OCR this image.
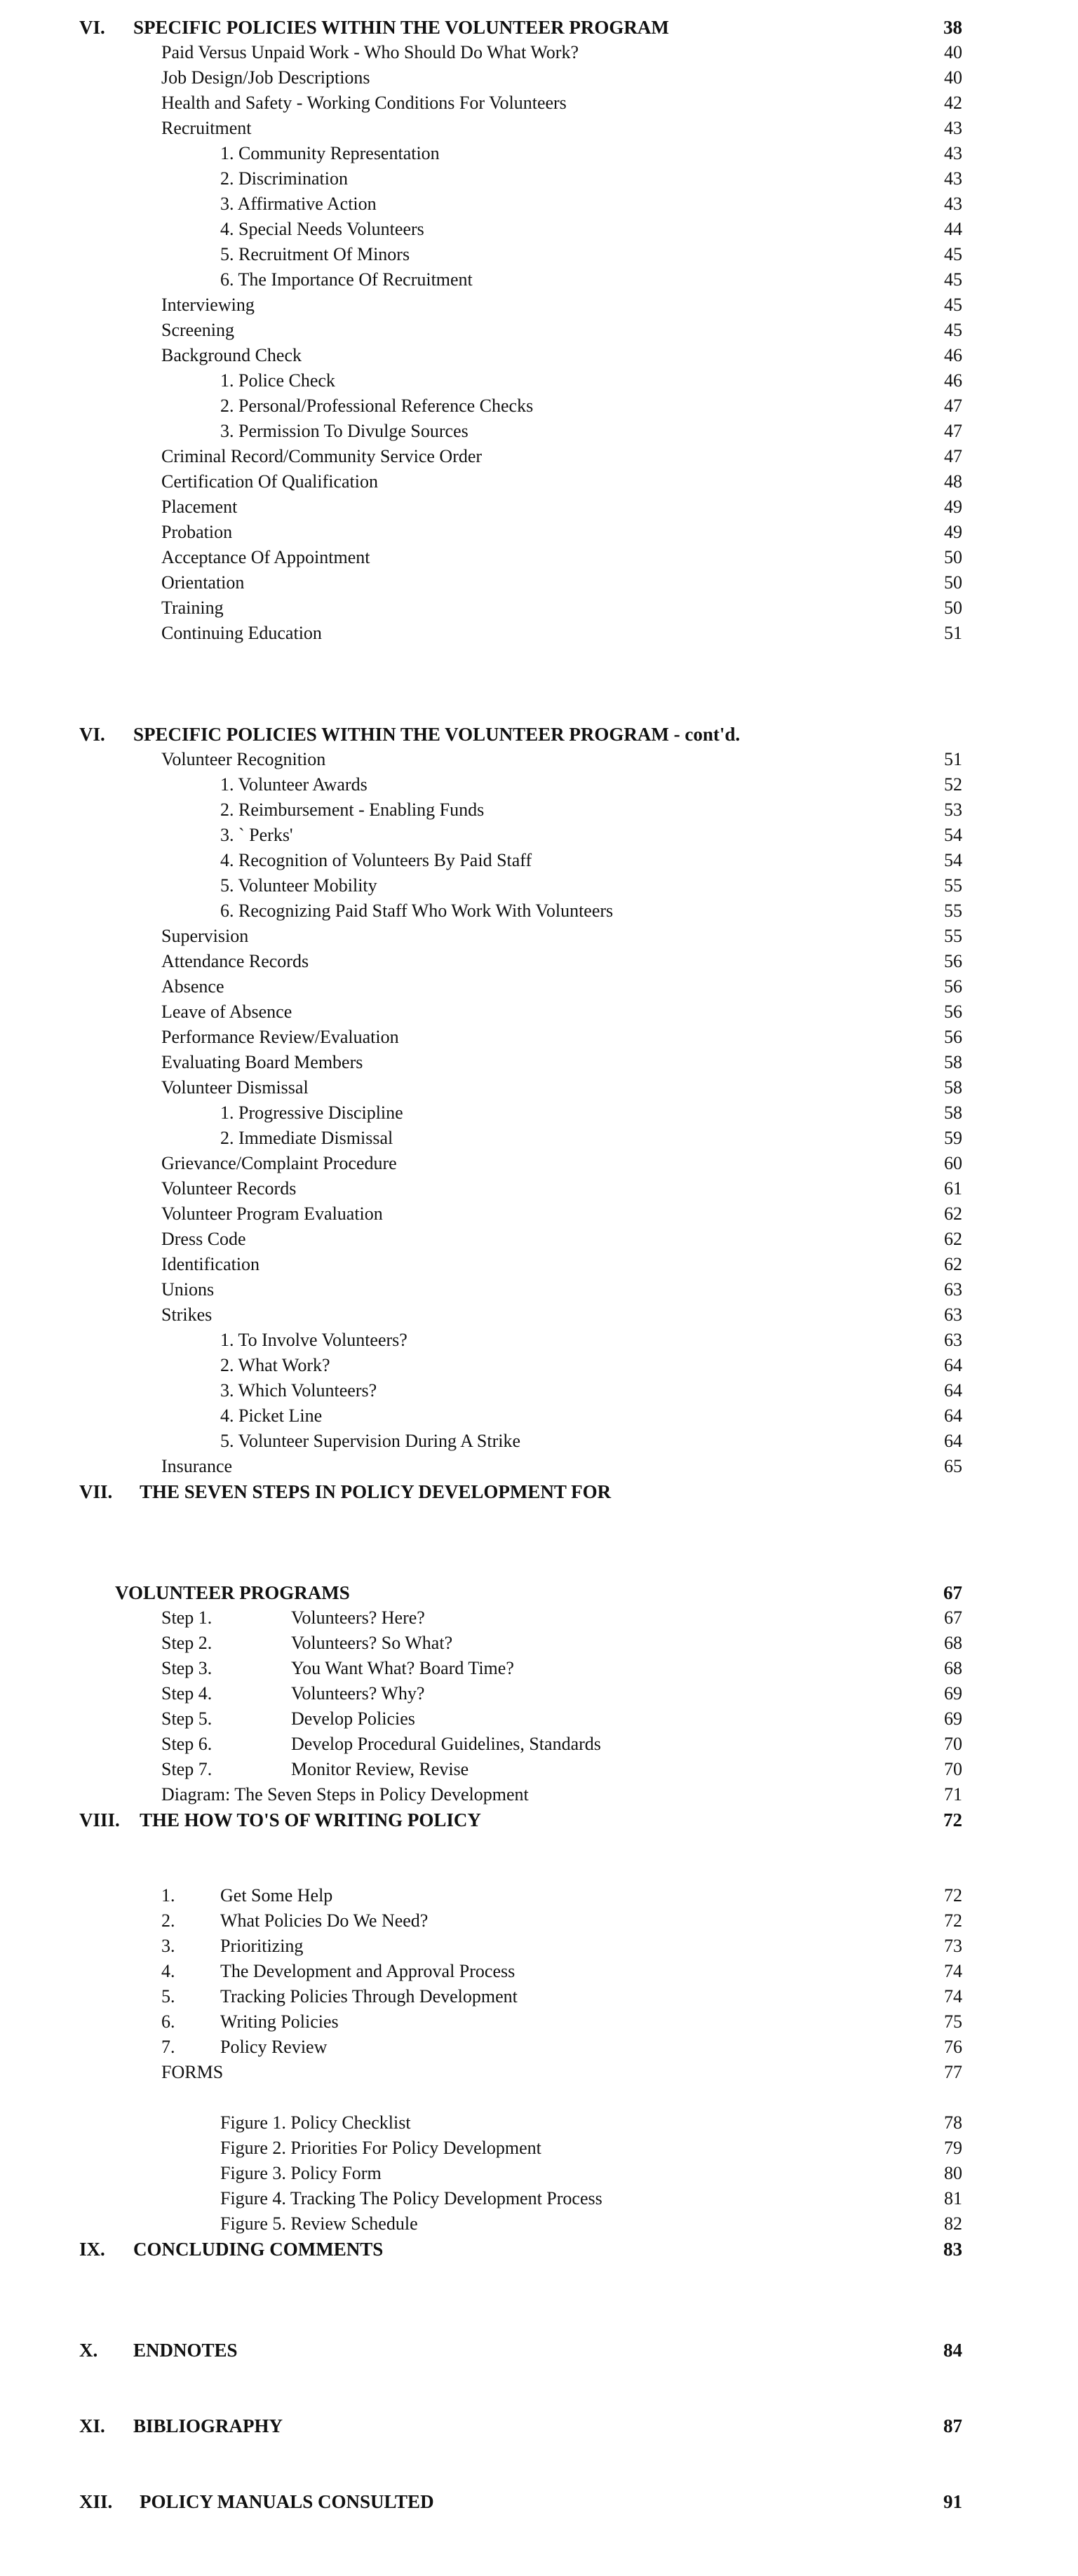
VI. SPECIFIC POLICIES WITHIN THE VOLUNTEER PROGRAM	38
Paid Versus Unpaid Work - Who Should Do What Work?	40
Job Design/Job Descriptions	40
Health and Safety - Working Conditions For Volunteers	42
Recruitment	43
1. Community Representation	43
2. Discrimination	43
3. Affirmative Action	43
4. Special Needs Volunteers	44
5. Recruitment Of Minors	45
6. The Importance Of Recruitment	45
Interviewing	45
Screening	45
Background Check	46
1. Police Check	46
2. Personal/Professional Reference Checks	47
3. Permission To Divulge Sources	47
Criminal Record/Community Service Order	47
Certification Of Qualification	48
Placement	49
Probation	49
Acceptance Of Appointment	50
Orientation	50
Training	50
Continuing Education	51
VI. SPECIFIC POLICIES WITHIN THE VOLUNTEER PROGRAM - cont'd.
Volunteer Recognition	51
1. Volunteer Awards	52
2. Reimbursement - Enabling Funds	53
3. ` Perks'	54
4. Recognition of Volunteers By Paid Staff	54
5. Volunteer Mobility	55
6. Recognizing Paid Staff Who Work With Volunteers	55
Supervision	55
Attendance Records	56
Absence	56
Leave of Absence	56
Performance Review/Evaluation	56
Evaluating Board Members	58
Volunteer Dismissal	58
1. Progressive Discipline	58
2. Immediate Dismissal	59
Grievance/Complaint Procedure	60
Volunteer Records	61
Volunteer Program Evaluation	62
Dress Code	62
Identification	62
Unions	63
Strikes	63
1. To Involve Volunteers?	63
2. What Work?	64
3. Which Volunteers?	64
4. Picket Line	64
5. Volunteer Supervision During A Strike	64
Insurance	65
VII. THE SEVEN STEPS IN POLICY DEVELOPMENT FOR
VOLUNTEER PROGRAMS	67
Step 1.	Volunteers? Here?	67
Step 2.	Volunteers? So What?	68
Step 3.	You Want What? Board Time?	68
Step 4.	Volunteers? Why?	69
Step 5.	Develop Policies	69
Step 6.	Develop Procedural Guidelines, Standards	70
Step 7.	Monitor Review, Revise	70
Diagram: The Seven Steps in Policy Development	71
VIII. THE HOW TO'S OF WRITING POLICY	72
1. Get Some Help	72
2. What Policies Do We Need?	72
3. Prioritizing	73
4. The Development and Approval Process	74
5. Tracking Policies Through Development	74
6. Writing Policies	75
7. Policy Review	76
FORMS	77
Figure 1. Policy Checklist	78
Figure 2. Priorities For Policy Development	79
Figure 3. Policy Form	80
Figure 4. Tracking The Policy Development Process	81
Figure 5. Review Schedule	82
IX. CONCLUDING COMMENTS	83
X. ENDNOTES	84
XI. BIBLIOGRAPHY	87
XII. POLICY MANUALS CONSULTED	91
